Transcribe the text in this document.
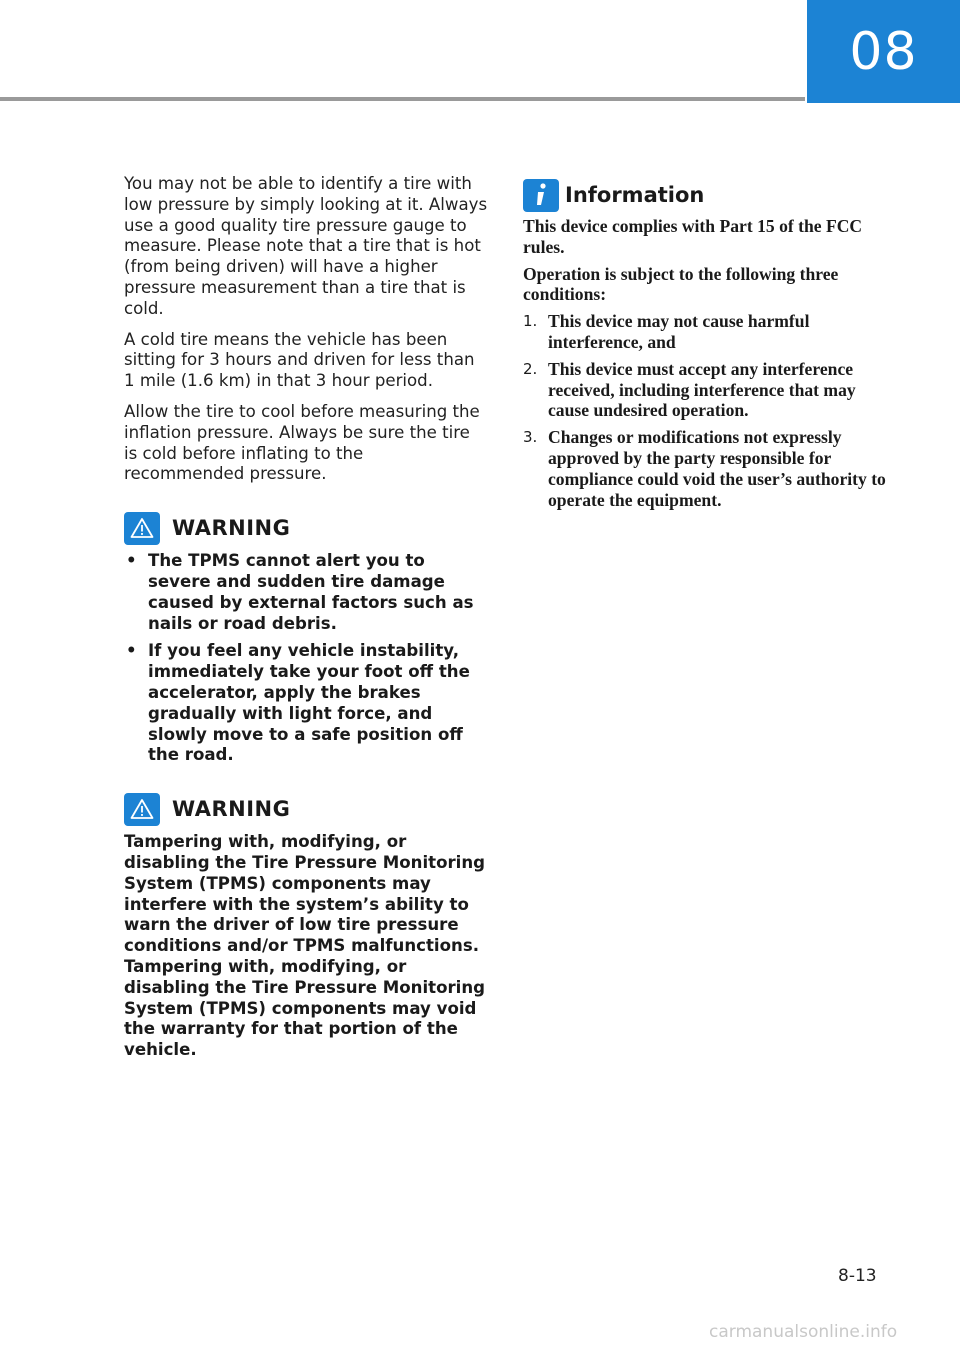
08

You may not be able to identify a tire with low pressure by simply looking at it. Always use a good quality tire pressure gauge to measure. Please note that a tire that is hot (from being driven) will have a higher pressure measurement than a tire that is cold.

A cold tire means the vehicle has been sitting for 3 hours and driven for less than 1 mile (1.6 km) in that 3 hour period.

Allow the tire to cool before measuring the inflation pressure. Always be sure the tire is cold before inflating to the recommended pressure.

WARNING
• The TPMS cannot alert you to severe and sudden tire damage caused by external factors such as nails or road debris.
• If you feel any vehicle instability, immediately take your foot off the accelerator, apply the brakes gradually with light force, and slowly move to a safe position off the road.
WARNING

Tampering with, modifying, or disabling the Tire Pressure Monitoring System (TPMS) components may interfere with the system’s ability to warn the driver of low tire pressure conditions and/or TPMS malfunctions. Tampering with, modifying, or disabling the Tire Pressure Monitoring System (TPMS) components may void the warranty for that portion of the vehicle.

Information

This device complies with Part 15 of the FCC rules.

Operation is subject to the following three conditions:

1. This device may not cause harmful interference, and
2. This device must accept any interference received, including interference that may cause undesired operation.
3. Changes or modifications not expressly approved by the party responsible for compliance could void the user’s authority to operate the equipment.
8-13
carmanualsonline.info
